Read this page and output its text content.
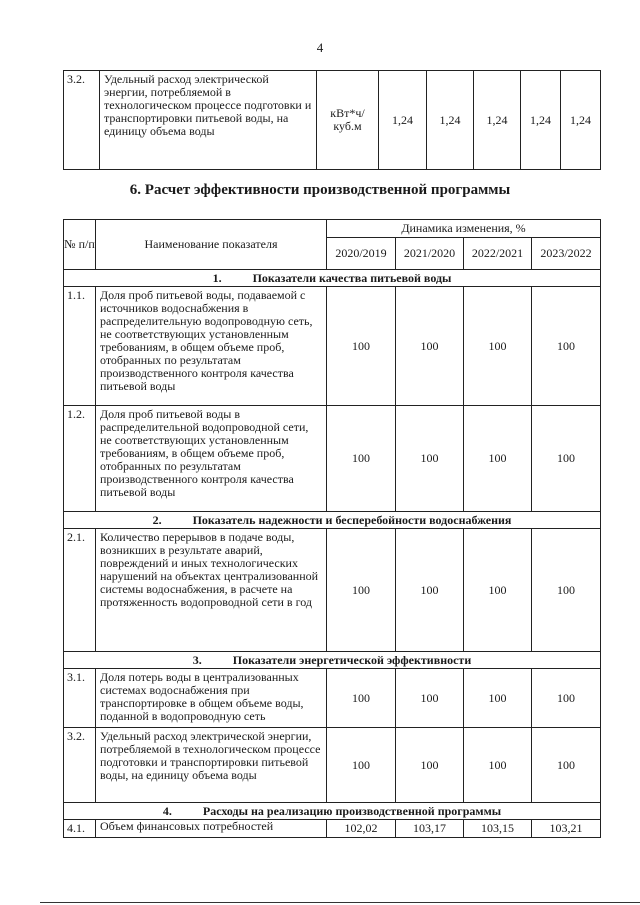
4
3.2.	Удельный расход электрической энергии, потребляемой в технологическом процессе подготовки и транспортировки питьевой воды, на единицу объема воды	кВт*ч/ куб.м	1,24	1,24	1,24	1,24	1,24
6. Расчет эффективности производственной программы
№ п/п	Наименование показателя	Динамика изменения, %			
		2020/2019	2021/2020	2022/2021	2023/2022
1. Показатели качества питьевой воды					
1.1.	Доля проб питьевой воды, подаваемой с источников водоснабжения в распределительную водопроводную сеть, не соответствующих установленным требованиям, в общем объеме проб, отобранных по результатам производственного контроля качества питьевой воды	100	100	100	100
1.2.	Доля проб питьевой воды в распределительной водопроводной сети, не соответствующих установленным требованиям, в общем объеме проб, отобранных по результатам производственного контроля качества питьевой воды	100	100	100	100
2. Показатель надежности и бесперебойности водоснабжения					
2.1.	Количество перерывов в подаче воды, возникших в результате аварий, повреждений и иных технологических нарушений на объектах централизованной системы водоснабжения, в расчете на протяженность водопроводной сети в год	100	100	100	100
3. Показатели энергетической эффективности					
3.1.	Доля потерь воды в централизованных системах водоснабжения при транспортировке в общем объеме воды, поданной в водопроводную сеть	100	100	100	100
3.2.	Удельный расход электрической энергии, потребляемой в технологическом процессе подготовки и транспортировки питьевой воды, на единицу объема воды	100	100	100	100
4. Расходы на реализацию производственной программы					
4.1.	Объем финансовых потребностей	102,02	103,17	103,15	103,21
